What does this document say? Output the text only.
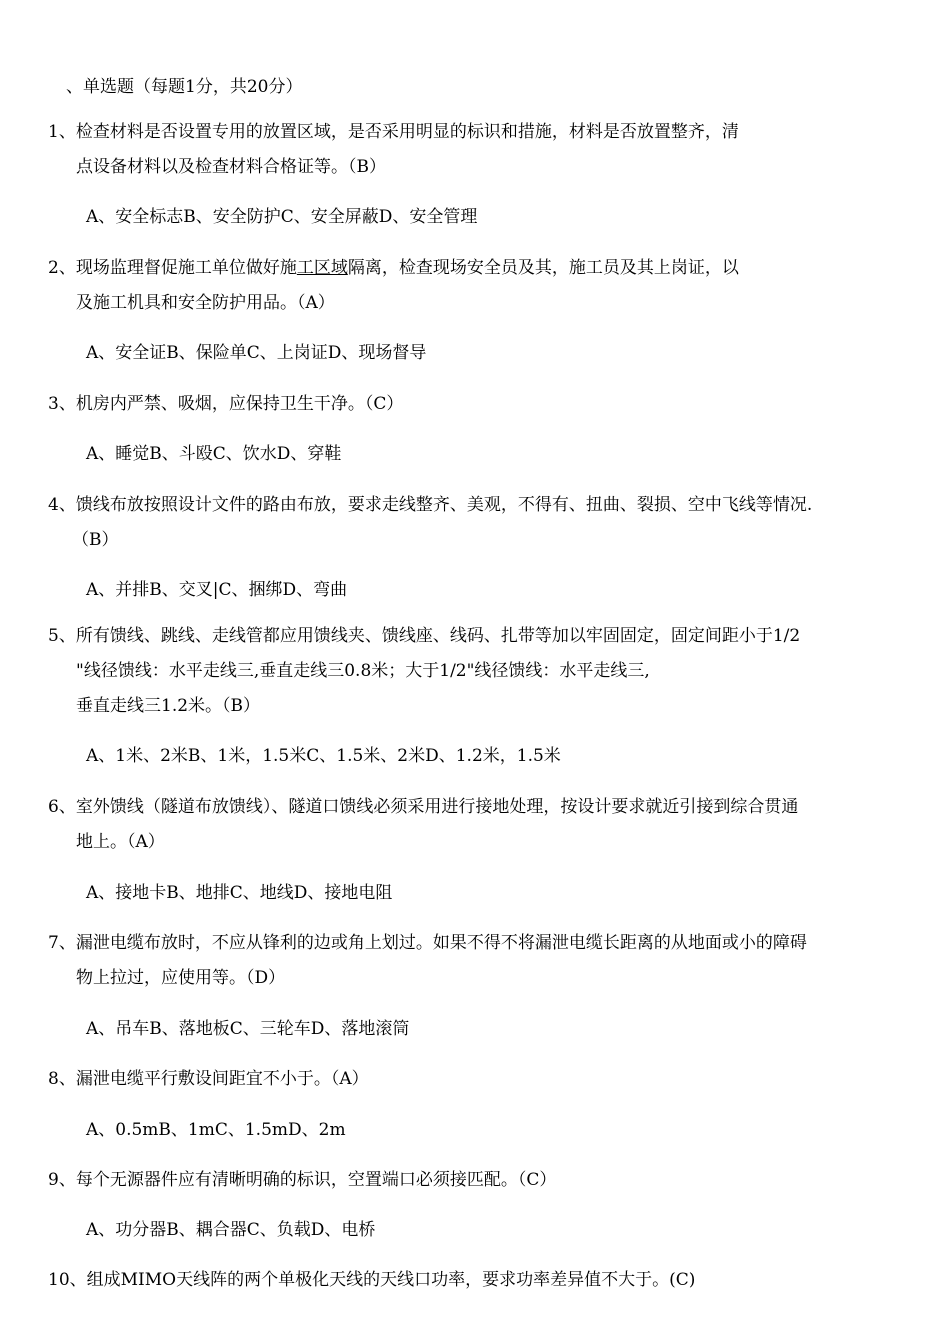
、单选题（每题1分，共20分）
1、检查材料是否设置专用的放置区域，是否采用明显的标识和措施，材料是否放置整齐，清
点设备材料以及检查材料合格证等。（B）
A、安全标志B、安全防护C、安全屏蔽D、安全管理
2、现场监理督促施工单位做好施工区域隔离，检查现场安全员及其，施工员及其上岗证，以
及施工机具和安全防护用品。（A）
A、安全证B、保险单C、上岗证D、现场督导
3、机房内严禁、吸烟，应保持卫生干净。（C）
A、睡觉B、斗殴C、饮水D、穿鞋
4、馈线布放按照设计文件的路由布放，要求走线整齐、美观，不得有、扭曲、裂损、空中飞线等情况.
（B）
A、并排B、交叉|C、捆绑D、弯曲
5、所有馈线、跳线、走线管都应用馈线夹、馈线座、线码、扎带等加以牢固固定，固定间距小于1/2
"线径馈线：水平走线三,垂直走线三0.8米；大于1/2"线径馈线：水平走线三,
垂直走线三1.2米。（B）
A、1米、2米B、1米，1.5米C、1.5米、2米D、1.2米，1.5米
6、室外馈线（隧道布放馈线）、隧道口馈线必须采用进行接地处理，按设计要求就近引接到综合贯通
地上。（A）
A、接地卡B、地排C、地线D、接地电阻
7、漏泄电缆布放时，不应从锋利的边或角上划过。如果不得不将漏泄电缆长距离的从地面或小的障碍
物上拉过，应使用等。（D）
A、吊车B、落地板C、三轮车D、落地滚筒
8、漏泄电缆平行敷设间距宜不小于。（A）
A、0.5mB、1mC、1.5mD、2m
9、每个无源器件应有清晰明确的标识，空置端口必须接匹配。（C）
A、功分器B、耦合器C、负载D、电桥
10、组成MIMO天线阵的两个单极化天线的天线口功率，要求功率差异值不大于。(C)
